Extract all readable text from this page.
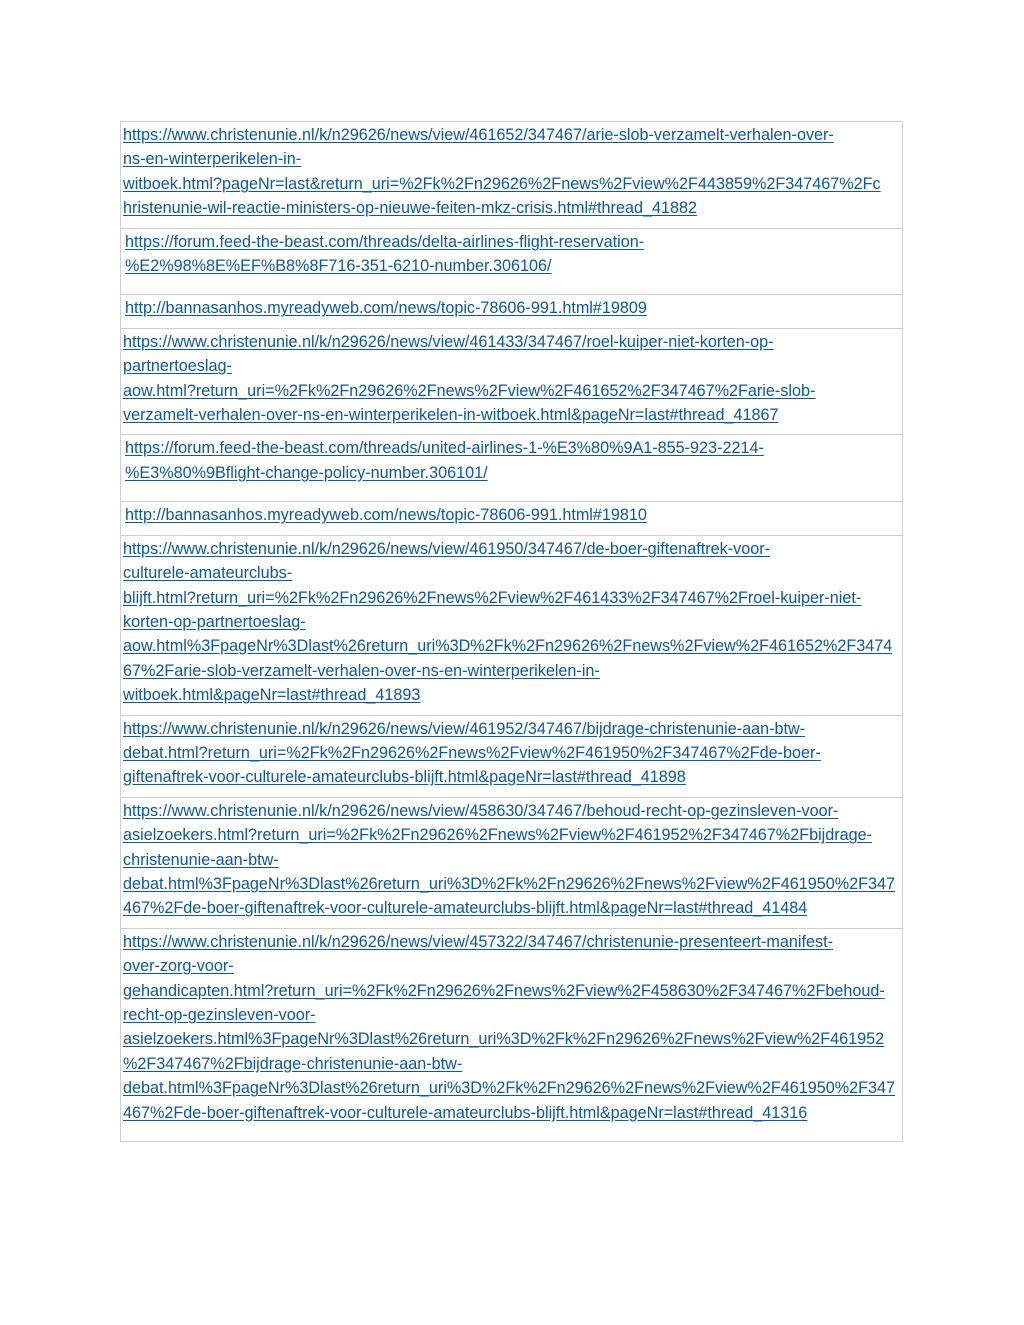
https://www.christenunie.nl/k/n29626/news/view/461652/347467/arie-slob-verzamelt-verhalen-over-
ns-en-winterperikelen-in-
witboek.html?pageNr=last&return_uri=%2Fk%2Fn29626%2Fnews%2Fview%2F443859%2F347467%2Fc
hristenunie-wil-reactie-ministers-op-nieuwe-feiten-mkz-crisis.html#thread_41882

https://forum.feed-the-beast.com/threads/delta-airlines-flight-reservation-
%E2%98%8E%EF%B8%8F716-351-6210-number.306106/

http://bannasanhos.myreadyweb.com/news/topic-78606-991.html#19809

https://www.christenunie.nl/k/n29626/news/view/461433/347467/roel-kuiper-niet-korten-op-
partnertoeslag-
aow.html?return_uri=%2Fk%2Fn29626%2Fnews%2Fview%2F461652%2F347467%2Farie-slob-
verzamelt-verhalen-over-ns-en-winterperikelen-in-witboek.html&pageNr=last#thread_41867

https://forum.feed-the-beast.com/threads/united-airlines-1-%E3%80%9A1-855-923-2214-
%E3%80%9Bflight-change-policy-number.306101/

http://bannasanhos.myreadyweb.com/news/topic-78606-991.html#19810

https://www.christenunie.nl/k/n29626/news/view/461950/347467/de-boer-giftenaftrek-voor-
culturele-amateurclubs-
blijft.html?return_uri=%2Fk%2Fn29626%2Fnews%2Fview%2F461433%2F347467%2Froel-kuiper-niet-
korten-op-partnertoeslag-
aow.html%3FpageNr%3Dlast%26return_uri%3D%2Fk%2Fn29626%2Fnews%2Fview%2F461652%2F3474
67%2Farie-slob-verzamelt-verhalen-over-ns-en-winterperikelen-in-
witboek.html&pageNr=last#thread_41893

https://www.christenunie.nl/k/n29626/news/view/461952/347467/bijdrage-christenunie-aan-btw-
debat.html?return_uri=%2Fk%2Fn29626%2Fnews%2Fview%2F461950%2F347467%2Fde-boer-
giftenaftrek-voor-culturele-amateurclubs-blijft.html&pageNr=last#thread_41898

https://www.christenunie.nl/k/n29626/news/view/458630/347467/behoud-recht-op-gezinsleven-voor-
asielzoekers.html?return_uri=%2Fk%2Fn29626%2Fnews%2Fview%2F461952%2F347467%2Fbijdrage-
christenunie-aan-btw-
debat.html%3FpageNr%3Dlast%26return_uri%3D%2Fk%2Fn29626%2Fnews%2Fview%2F461950%2F347
467%2Fde-boer-giftenaftrek-voor-culturele-amateurclubs-blijft.html&pageNr=last#thread_41484

https://www.christenunie.nl/k/n29626/news/view/457322/347467/christenunie-presenteert-manifest-
over-zorg-voor-
gehandicapten.html?return_uri=%2Fk%2Fn29626%2Fnews%2Fview%2F458630%2F347467%2Fbehoud-
recht-op-gezinsleven-voor-
asielzoekers.html%3FpageNr%3Dlast%26return_uri%3D%2Fk%2Fn29626%2Fnews%2Fview%2F461952
%2F347467%2Fbijdrage-christenunie-aan-btw-
debat.html%3FpageNr%3Dlast%26return_uri%3D%2Fk%2Fn29626%2Fnews%2Fview%2F461950%2F347
467%2Fde-boer-giftenaftrek-voor-culturele-amateurclubs-blijft.html&pageNr=last#thread_41316
